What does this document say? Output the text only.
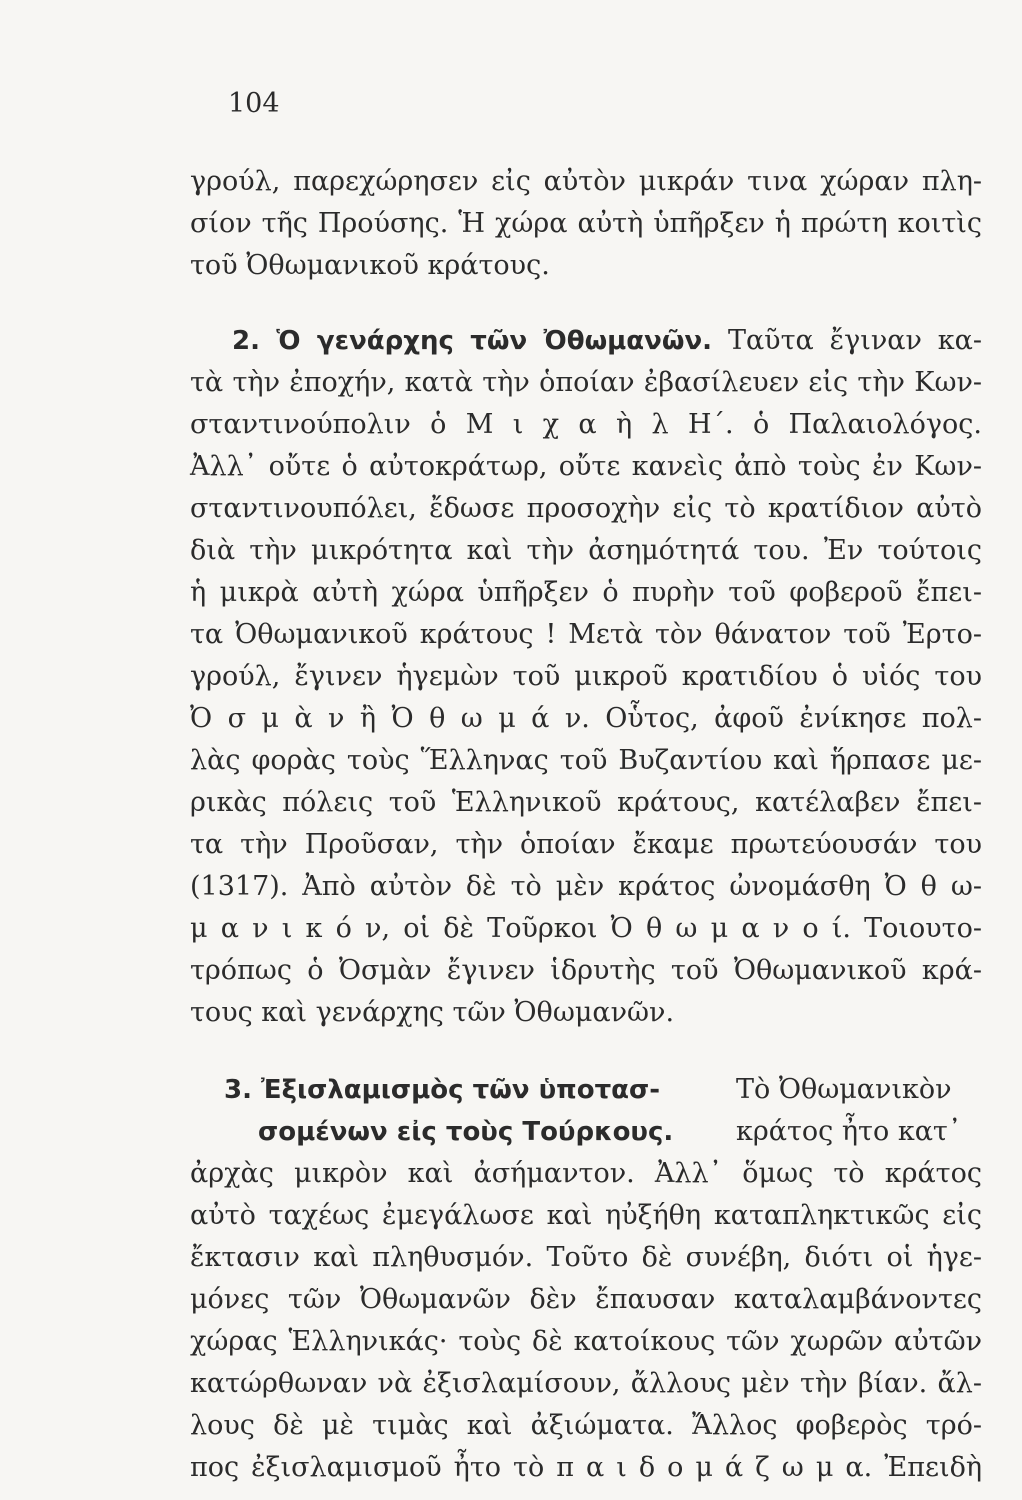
104
γρούλ, παρεχώρησεν εἰς αὐτὸν μικράν τινα χώραν πλη-
σίον τῆς Προύσης. Ἡ χώρα αὐτὴ ὑπῆρξεν ἡ πρώτη κοιτὶς
τοῦ Ὀθωμανικοῦ κράτους.
2. Ὁ γενάρχης τῶν Ὀθωμανῶν. Ταῦτα ἔγιναν κα-
τὰ τὴν ἐποχήν, κατὰ τὴν ὁποίαν ἐβασίλευεν εἰς τὴν Κων-
σταντινούπολιν ὁ Μ ι χ α ὴ λ Η΄. ὁ Παλαιολόγος.
Ἀλλ᾽ οὔτε ὁ αὐτοκράτωρ, οὔτε κανεὶς ἀπὸ τοὺς ἐν Κων-
σταντινουπόλει, ἔδωσε προσοχὴν εἰς τὸ κρατίδιον αὐτὸ
διὰ τὴν μικρότητα καὶ τὴν ἀσημότητά του. Ἐν τούτοις
ἡ μικρὰ αὐτὴ χώρα ὑπῆρξεν ὁ πυρὴν τοῦ φοβεροῦ ἔπει-
τα Ὀθωμανικοῦ κράτους ! Μετὰ τὸν θάνατον τοῦ Ἐρτο-
γρούλ, ἔγινεν ἡγεμὼν τοῦ μικροῦ κρατιδίου ὁ υἱός του
Ὀ σ μ ὰ ν ἢ Ὀ θ ω μ ά ν. Οὗτος, ἀφοῦ ἐνίκησε πολ-
λὰς φορὰς τοὺς Ἕλληνας τοῦ Βυζαντίου καὶ ἥρπασε με-
ρικὰς πόλεις τοῦ Ἑλληνικοῦ κράτους, κατέλαβεν ἔπει-
τα τὴν Προῦσαν, τὴν ὁποίαν ἔκαμε πρωτεύουσάν του
(1317). Ἀπὸ αὐτὸν δὲ τὸ μὲν κράτος ὠνομάσθη Ὀ θ ω-
μ α ν ι κ ό ν, οἱ δὲ Τοῦρκοι Ὀ θ ω μ α ν ο ί. Τοιουτο-
τρόπως ὁ Ὀσμὰν ἔγινεν ἱδρυτὴς τοῦ Ὀθωμανικοῦ κρά-
τους καὶ γενάρχης τῶν Ὀθωμανῶν.
3. Ἐξισλαμισμὸς τῶν ὑποτασ-
σομένων εἰς τοὺς Τούρκους.
Τὸ Ὀθωμανικὸν
κράτος ἦτο κατ᾽
ἀρχὰς μικρὸν καὶ ἀσήμαντον. Ἀλλ᾽ ὅμως τὸ κράτος
αὐτὸ ταχέως ἐμεγάλωσε καὶ ηὐξήθη καταπληκτικῶς εἰς
ἔκτασιν καὶ πληθυσμόν. Τοῦτο δὲ συνέβη, διότι οἱ ἡγε-
μόνες τῶν Ὀθωμανῶν δὲν ἔπαυσαν καταλαμβάνοντες
χώρας Ἑλληνικάς· τοὺς δὲ κατοίκους τῶν χωρῶν αὐτῶν
κατώρθωναν νὰ ἐξισλαμίσουν, ἄλλους μὲν τὴν βίαν. ἄλ-
λους δὲ μὲ τιμὰς καὶ ἀξιώματα. Ἄλλος φοβερὸς τρό-
πος ἐξισλαμισμοῦ ἦτο τὸ π α ι δ ο μ ά ζ ω μ α. Ἐπειδὴ
